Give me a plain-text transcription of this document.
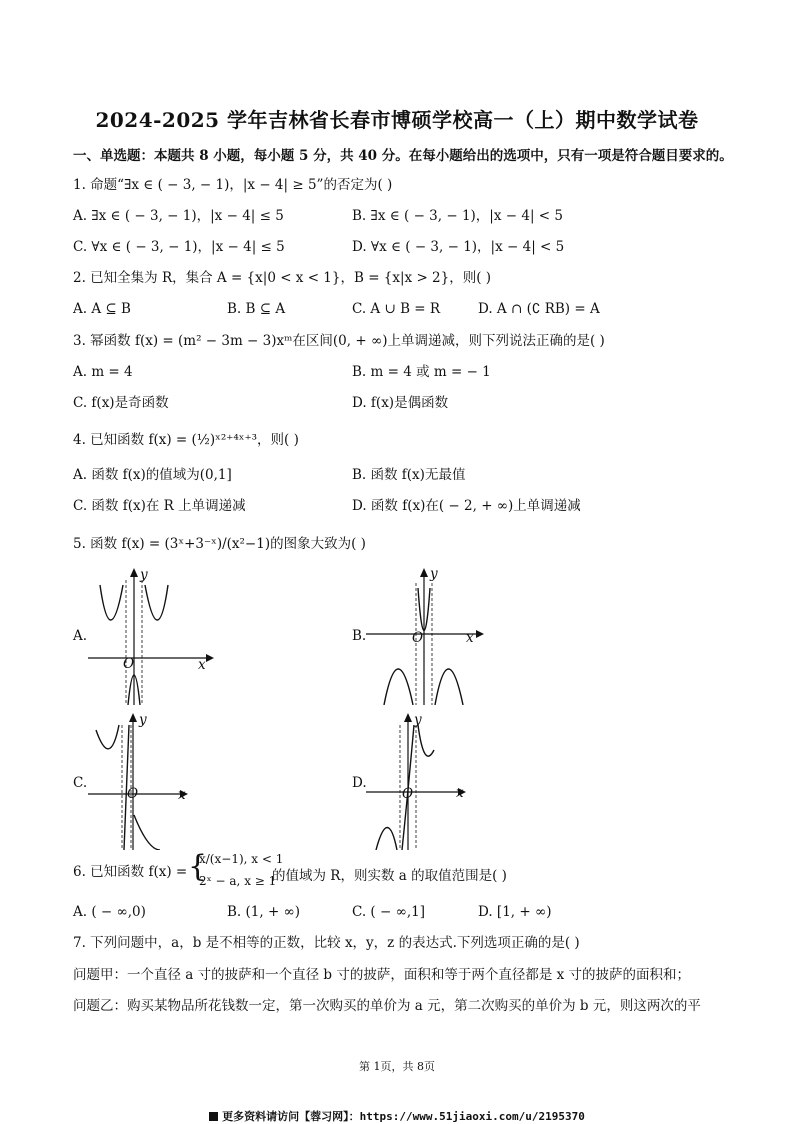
2024-2025 学年吉林省长春市博硕学校高一（上）期中数学试卷
一、单选题：本题共 8 小题，每小题 5 分，共 40 分。在每小题给出的选项中，只有一项是符合题目要求的。
1. 命题“∃x ∈ ( − 3, − 1)，|x − 4| ≥ 5”的否定为( )
A. ∃x ∈ ( − 3, − 1)，|x − 4| ≤ 5	B. ∃x ∈ ( − 3, − 1)，|x − 4| < 5
C. ∀x ∈ ( − 3, − 1)，|x − 4| ≤ 5	D. ∀x ∈ ( − 3, − 1)，|x − 4| < 5
2. 已知全集为 R，集合 A = {x|0 < x < 1}，B = {x|x > 2}，则( )
A. A ⊆ B	B. B ⊆ A	C. A ∪ B = R	D. A ∩ (∁ RB) = A
3. 幂函数 f(x) = (m² − 3m − 3)xᵐ在区间(0, + ∞)上单调递减，则下列说法正确的是( )
A. m = 4	B. m = 4 或 m = − 1
C. f(x)是奇函数	D. f(x)是偶函数
4. 已知函数 f(x) = (½)ˣ²⁺⁴ˣ⁺³，则( )
A. 函数 f(x)的值域为(0,1]	B. 函数 f(x)无最值
C. 函数 f(x)在 R 上单调递减	D. 函数 f(x)在( − 2, + ∞)上单调递减
5. 函数 f(x) = (3ˣ+3⁻ˣ)/(x²−1)的图象大致为( )
A.
y
x
O
B.
y
x
O
C.
y
x
O
D.
y
x
O
6. 已知函数 f(x) = {
x/(x−1), x < 1
2ˣ − a, x ≥ 1
的值域为 R，则实数 a 的取值范围是( )
A. ( − ∞,0)	B. (1, + ∞)	C. ( − ∞,1]	D. [1, + ∞)
7. 下列问题中，a，b 是不相等的正数，比较 x，y，z 的表达式.下列选项正确的是( )
问题甲：一个直径 a 寸的披萨和一个直径 b 寸的披萨，面积和等于两个直径都是 x 寸的披萨的面积和；
问题乙：购买某物品所花钱数一定，第一次购买的单价为 a 元，第二次购买的单价为 b 元，则这两次的平
第 1页，共 8页
更多资料请访问【蓉习网】：https://www.51jiaoxi.com/u/2195370
